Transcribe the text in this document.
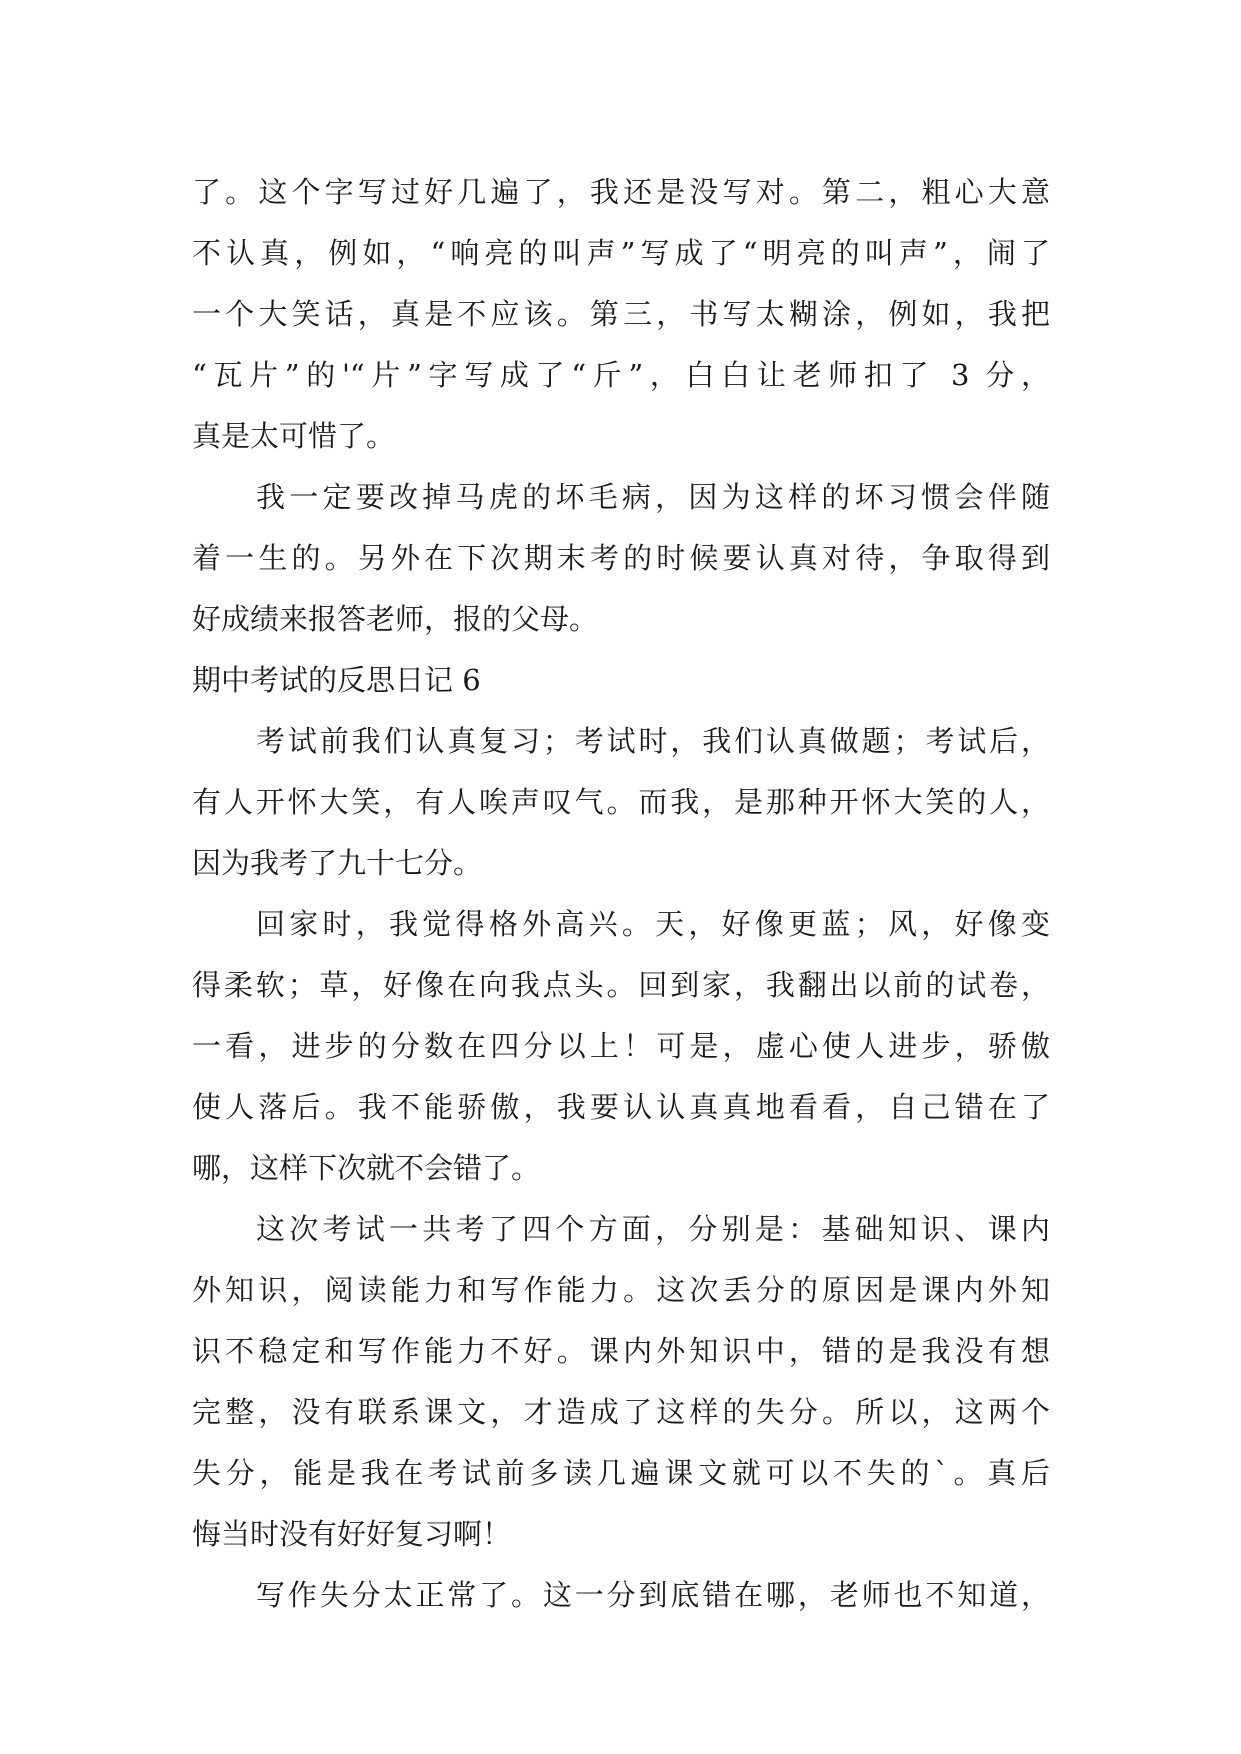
了。这个字写过好几遍了，我还是没写对。第二，粗心大意
不认真，例如，“响亮的叫声”写成了“明亮的叫声”，闹了
一个大笑话，真是不应该。第三，书写太糊涂，例如，我把
“瓦片”的'“片”字写成了“斤”，白白让老师扣了 3 分，
真是太可惜了。
我一定要改掉马虎的坏毛病，因为这样的坏习惯会伴随
着一生的。另外在下次期末考的时候要认真对待，争取得到
好成绩来报答老师，报的父母。
期中考试的反思日记 6
考试前我们认真复习；考试时，我们认真做题；考试后，
有人开怀大笑，有人唉声叹气。而我，是那种开怀大笑的人，
因为我考了九十七分。
回家时，我觉得格外高兴。天，好像更蓝；风，好像变
得柔软；草，好像在向我点头。回到家，我翻出以前的试卷，
一看，进步的分数在四分以上！可是，虚心使人进步，骄傲
使人落后。我不能骄傲，我要认认真真地看看，自己错在了
哪，这样下次就不会错了。
这次考试一共考了四个方面，分别是：基础知识、课内
外知识，阅读能力和写作能力。这次丢分的原因是课内外知
识不稳定和写作能力不好。课内外知识中，错的是我没有想
完整，没有联系课文，才造成了这样的失分。所以，这两个
失分，能是我在考试前多读几遍课文就可以不失的`。真后
悔当时没有好好复习啊！
写作失分太正常了。这一分到底错在哪，老师也不知道，
